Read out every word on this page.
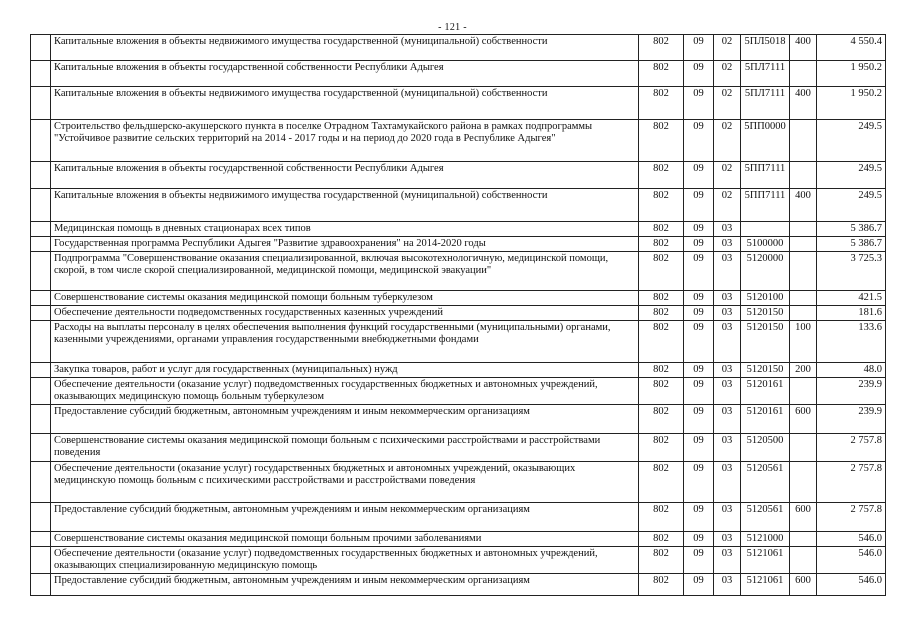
- 121 -
	Капитальные вложения в объекты недвижимого имущества государственной (муниципальной) собственности	802	09	02	5ПЛ5018	400	4 550.4
	Капитальные вложения в объекты государственной собственности Республики Адыгея	802	09	02	5ПЛ7111		1 950.2
	Капитальные вложения в объекты недвижимого имущества государственной (муниципальной) собственности	802	09	02	5ПЛ7111	400	1 950.2
	Строительство фельдшерско-акушерского пункта в поселке Отрадном Тахтамукайского района в рамках подпрограммы "Устойчивое развитие сельских территорий на 2014 - 2017 годы и на период до 2020 года в Республике Адыгея"	802	09	02	5ПП0000		249.5
	Капитальные вложения в объекты государственной собственности Республики Адыгея	802	09	02	5ПП7111		249.5
	Капитальные вложения в объекты недвижимого имущества государственной (муниципальной) собственности	802	09	02	5ПП7111	400	249.5
	Медицинская помощь в дневных стационарах всех типов	802	09	03			5 386.7
	Государственная программа Республики Адыгея "Развитие здравоохранения" на 2014-2020 годы	802	09	03	5100000		5 386.7
	Подпрограмма "Совершенствование оказания специализированной, включая высокотехнологичную, медицинской помощи, скорой, в том числе скорой специализированной, медицинской помощи, медицинской эвакуации"	802	09	03	5120000		3 725.3
	Совершенствование системы оказания медицинской помощи больным туберкулезом	802	09	03	5120100		421.5
	Обеспечение деятельности подведомственных государственных казенных учреждений	802	09	03	5120150		181.6
	Расходы на выплаты персоналу в целях обеспечения выполнения функций государственными (муниципальными) органами, казенными учреждениями, органами управления государственными внебюджетными фондами	802	09	03	5120150	100	133.6
	Закупка товаров, работ и услуг для государственных (муниципальных) нужд	802	09	03	5120150	200	48.0
	Обеспечение деятельности (оказание услуг) подведомственных государственных бюджетных и автономных учреждений, оказывающих медицинскую помощь больным туберкулезом	802	09	03	5120161		239.9
	Предоставление субсидий бюджетным, автономным учреждениям и иным некоммерческим организациям	802	09	03	5120161	600	239.9
	Совершенствование системы оказания медицинской помощи больным с психическими расстройствами и расстройствами поведения	802	09	03	5120500		2 757.8
	Обеспечение деятельности (оказание услуг) государственных бюджетных и автономных учреждений, оказывающих медицинскую помощь больным с психическими расстройствами и расстройствами поведения	802	09	03	5120561		2 757.8
	Предоставление субсидий бюджетным, автономным учреждениям и иным некоммерческим организациям	802	09	03	5120561	600	2 757.8
	Совершенствование системы оказания медицинской помощи больным прочими заболеваниями	802	09	03	5121000		546.0
	Обеспечение деятельности (оказание услуг) подведомственных государственных бюджетных и автономных учреждений, оказывающих специализированную медицинскую помощь	802	09	03	5121061		546.0
	Предоставление субсидий бюджетным, автономным учреждениям и иным некоммерческим организациям	802	09	03	5121061	600	546.0
